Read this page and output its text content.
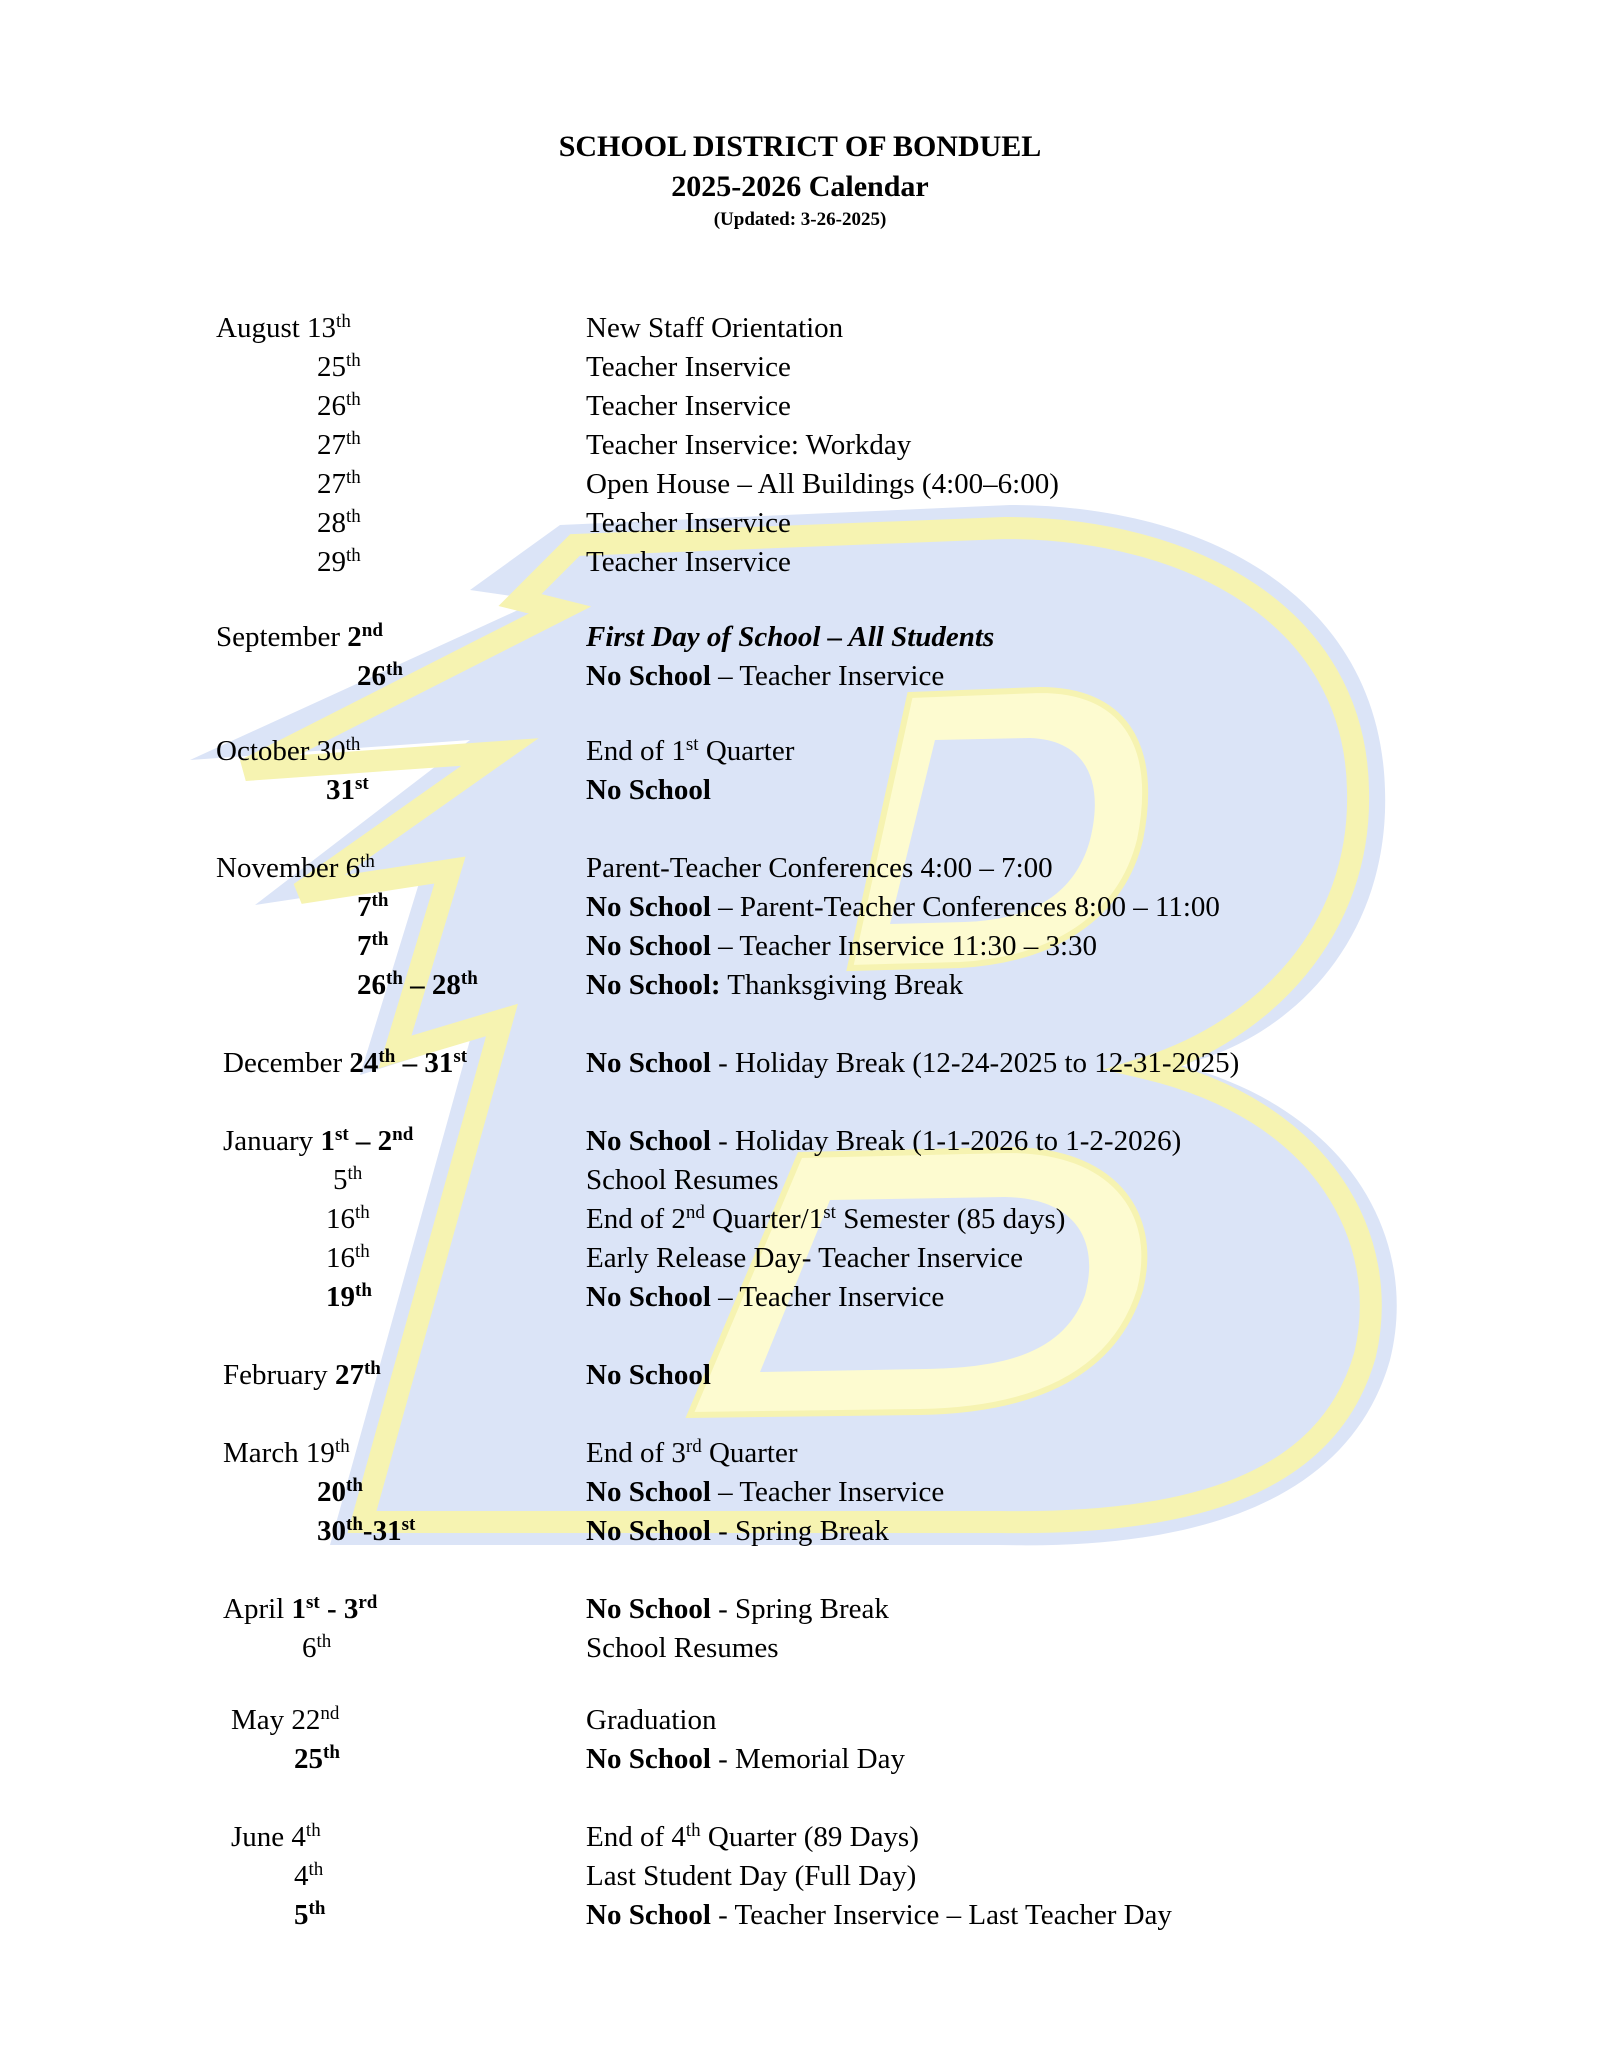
SCHOOL DISTRICT OF BONDUEL
2025-2026 Calendar
(Updated: 3-26-2025)
August 13th	New Staff Orientation
25th	Teacher Inservice
26th	Teacher Inservice
27th	Teacher Inservice: Workday
27th	Open House – All Buildings (4:00–6:00)
28th	Teacher Inservice
29th	Teacher Inservice
September 2nd	First Day of School – All Students
26th	No School – Teacher Inservice
October 30th	End of 1st Quarter
31st	No School
November 6th	Parent-Teacher Conferences 4:00 – 7:00
7th	No School – Parent-Teacher Conferences 8:00 – 11:00
7th	No School – Teacher Inservice 11:30 – 3:30
26th – 28th	No School: Thanksgiving Break
December 24th – 31st	No School - Holiday Break (12-24-2025 to 12-31-2025)
January 1st – 2nd	No School - Holiday Break (1-1-2026 to 1-2-2026)
5th	School Resumes
16th	End of 2nd Quarter/1st Semester (85 days)
16th	Early Release Day- Teacher Inservice
19th	No School – Teacher Inservice
February 27th	No School
March 19th	End of 3rd Quarter
20th	No School – Teacher Inservice
30th-31st	No School - Spring Break
April 1st - 3rd	No School - Spring Break
6th	School Resumes
May 22nd	Graduation
25th	No School - Memorial Day
June 4th	End of 4th Quarter (89 Days)
4th	Last Student Day (Full Day)
5th	No School - Teacher Inservice – Last Teacher Day
